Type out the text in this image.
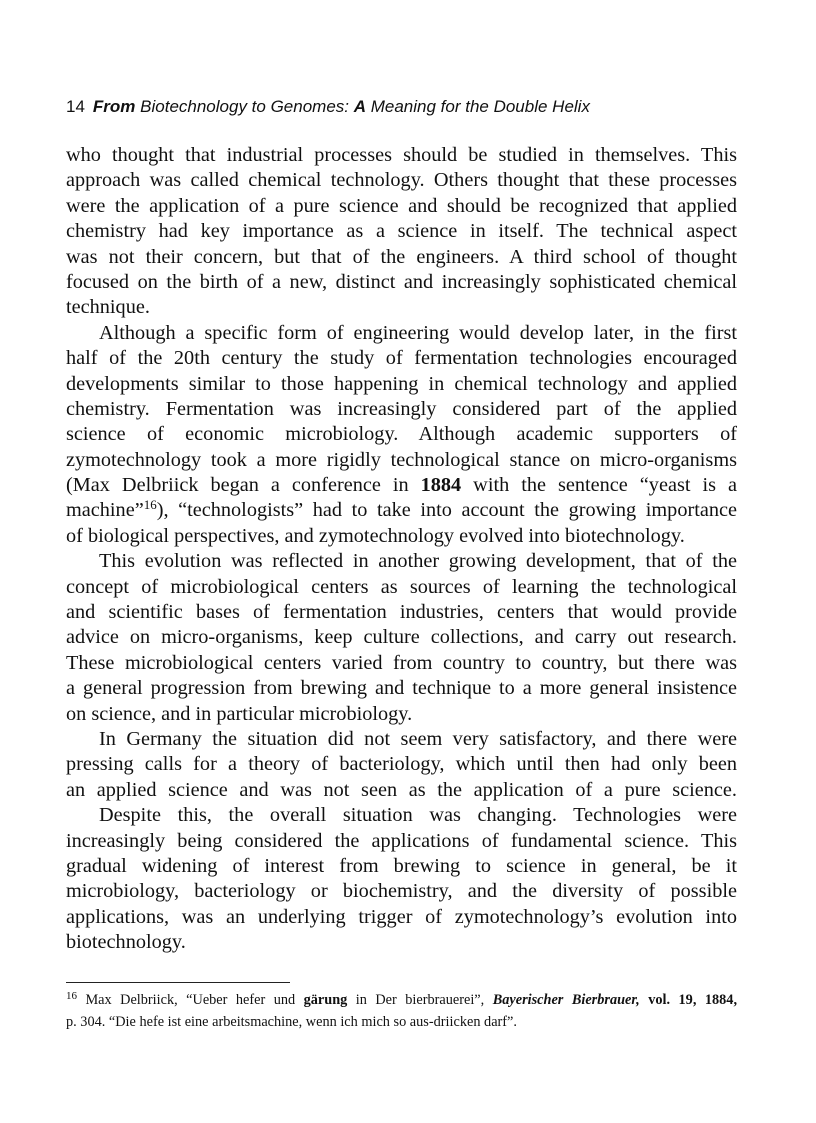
14 From Biotechnology to Genomes: A Meaning for the Double Helix
who thought that industrial processes should be studied in themselves. This
approach was called chemical technology. Others thought that these processes
were the application of a pure science and should be recognized that applied
chemistry had key importance as a science in itself. The technical aspect
was not their concern, but that of the engineers. A third school of thought
focused on the birth of a new, distinct and increasingly sophisticated chemical
technique.
Although a specific form of engineering would develop later, in the first
half of the 20th century the study of fermentation technologies encouraged
developments similar to those happening in chemical technology and applied
chemistry. Fermentation was increasingly considered part of the applied
science of economic microbiology. Although academic supporters of
zymotechnology took a more rigidly technological stance on micro-organisms
(Max Delbriick began a conference in 1884 with the sentence “yeast is a
machine”$^{16}$), “technologists” had to take into account the growing importance
of biological perspectives, and zymotechnology evolved into biotechnology.
This evolution was reflected in another growing development, that of the
concept of microbiological centers as sources of learning the technological
and scientific bases of fermentation industries, centers that would provide
advice on micro-organisms, keep culture collections, and carry out research.
These microbiological centers varied from country to country, but there was
a general progression from brewing and technique to a more general insistence
on science, and in particular microbiology.
In Germany the situation did not seem very satisfactory, and there were
pressing calls for a theory of bacteriology, which until then had only been
an applied science and was not seen as the application of a pure science.
Despite this, the overall situation was changing. Technologies were
increasingly being considered the applications of fundamental science. This
gradual widening of interest from brewing to science in general, be it
microbiology, bacteriology or biochemistry, and the diversity of possible
applications, was an underlying trigger of zymotechnology’s evolution into
biotechnology.
$^{16}$ Max Delbriick, “Ueber hefer und gärung in Der bierbrauerei”, Bayerischer Bierbrauer, vol. 19, 1884,
p. 304. “Die hefe ist eine arbeitsmachine, wenn ich mich so aus-driicken darf”.
